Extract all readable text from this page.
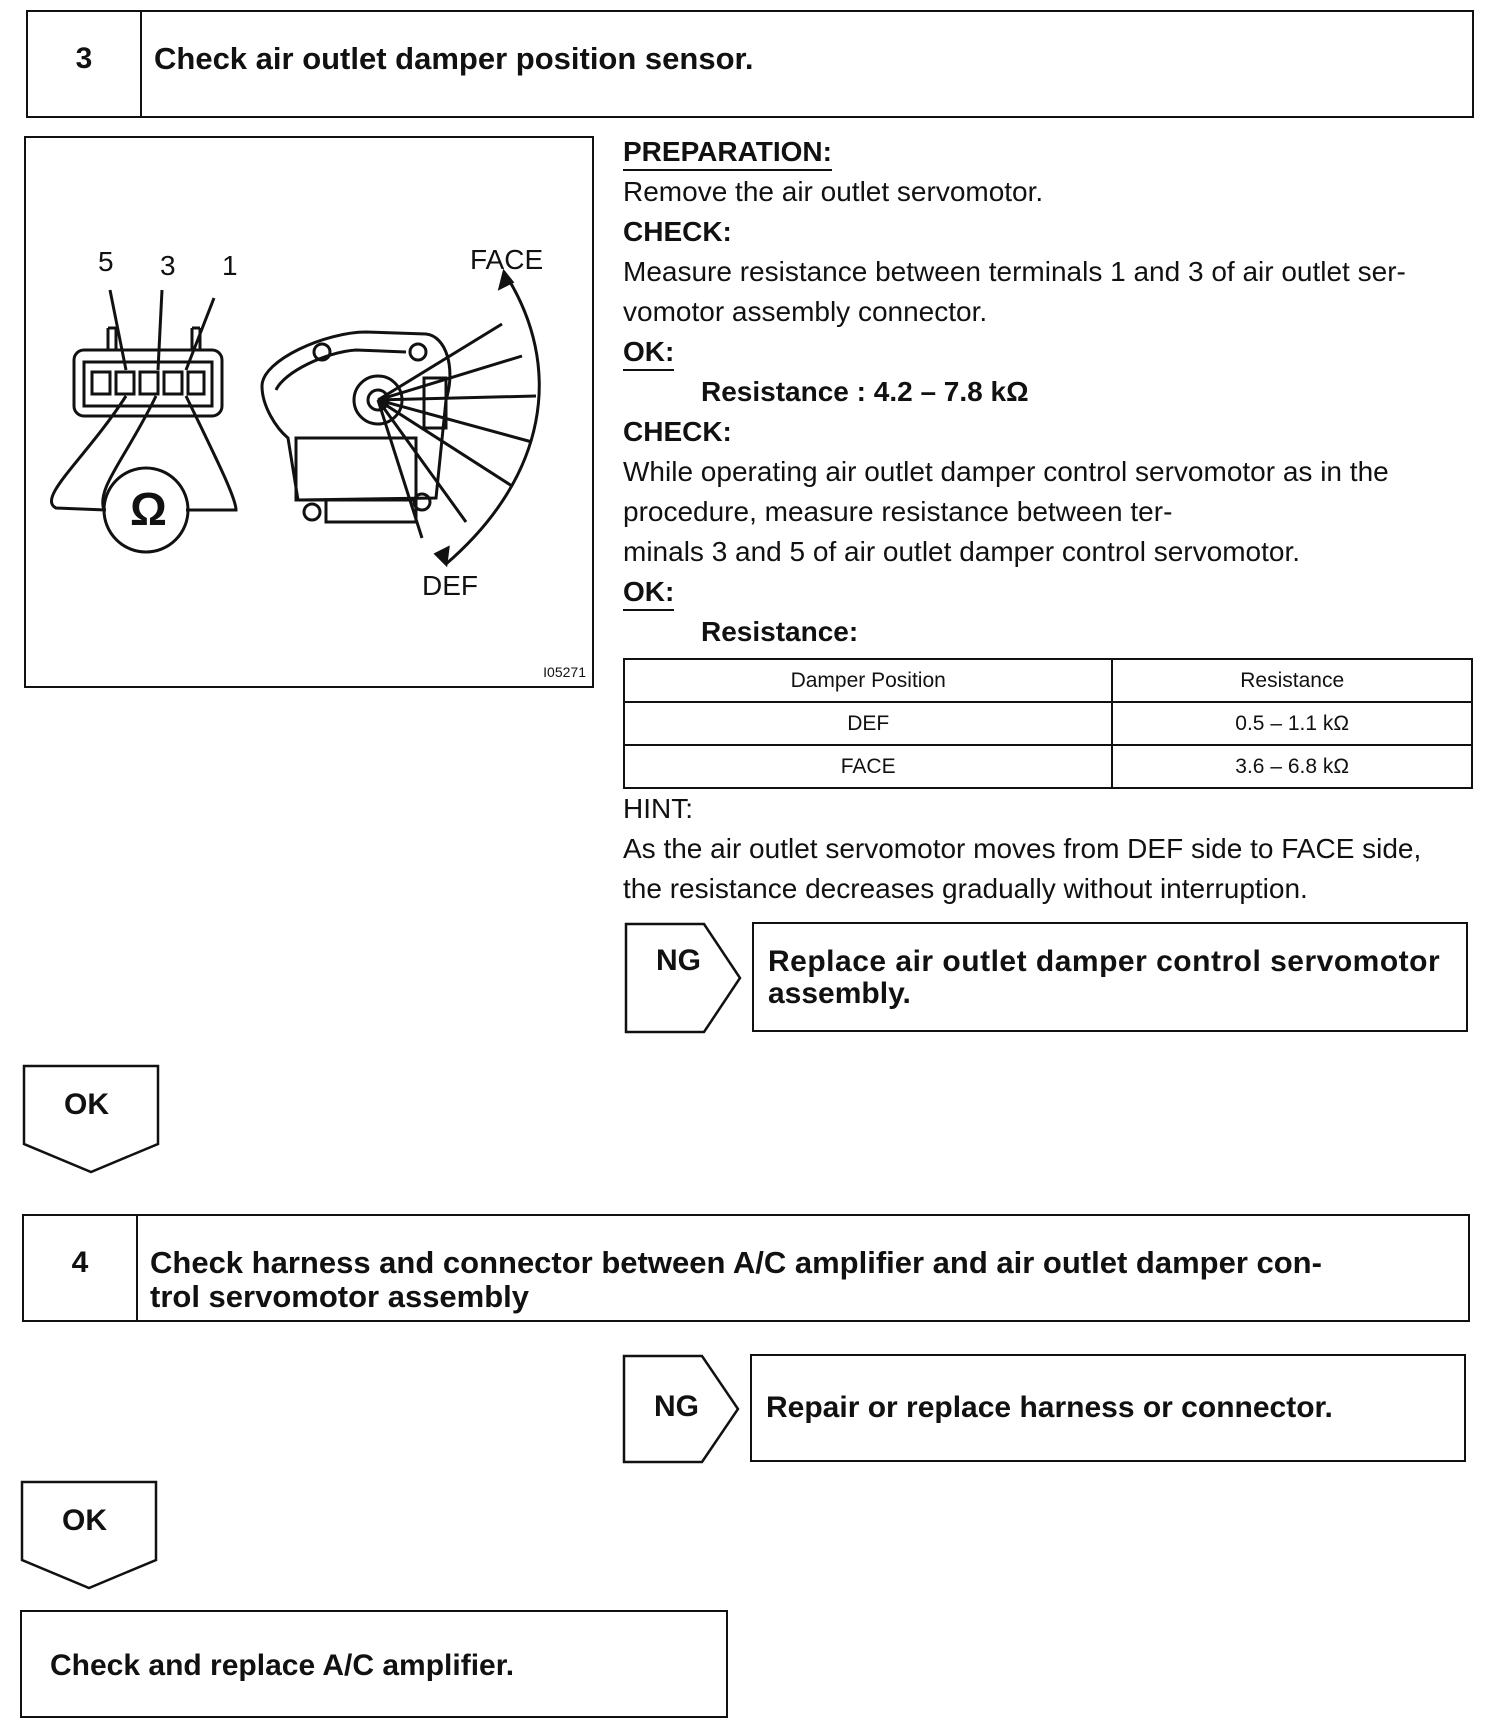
3	Check air outlet damper position sensor.
5 3 1	FACE
DEF
Ω
I05271
PREPARATION:
Remove the air outlet servomotor.
CHECK:
Measure resistance between terminals 1 and 3 of air outlet ser-
vomotor assembly connector.
OK:
Resistance : 4.2 – 7.8 kΩ
CHECK:
While operating air outlet damper control servomotor as in the
procedure, measure resistance between ter-
minals 3 and 5 of air outlet damper control servomotor.
OK:
Resistance:
Damper Position	Resistance
DEF	0.5 – 1.1 kΩ
FACE	3.6 – 6.8 kΩ
HINT:
As the air outlet servomotor moves from DEF side to FACE side,
the resistance decreases gradually without interruption.
NG Replace air outlet damper control servomotor
assembly.
OK
4	Check harness and connector between A/C amplifier and air outlet damper con-
trol servomotor assembly
NG	Repair or replace harness or connector.
OK
Check and replace A/C amplifier.
